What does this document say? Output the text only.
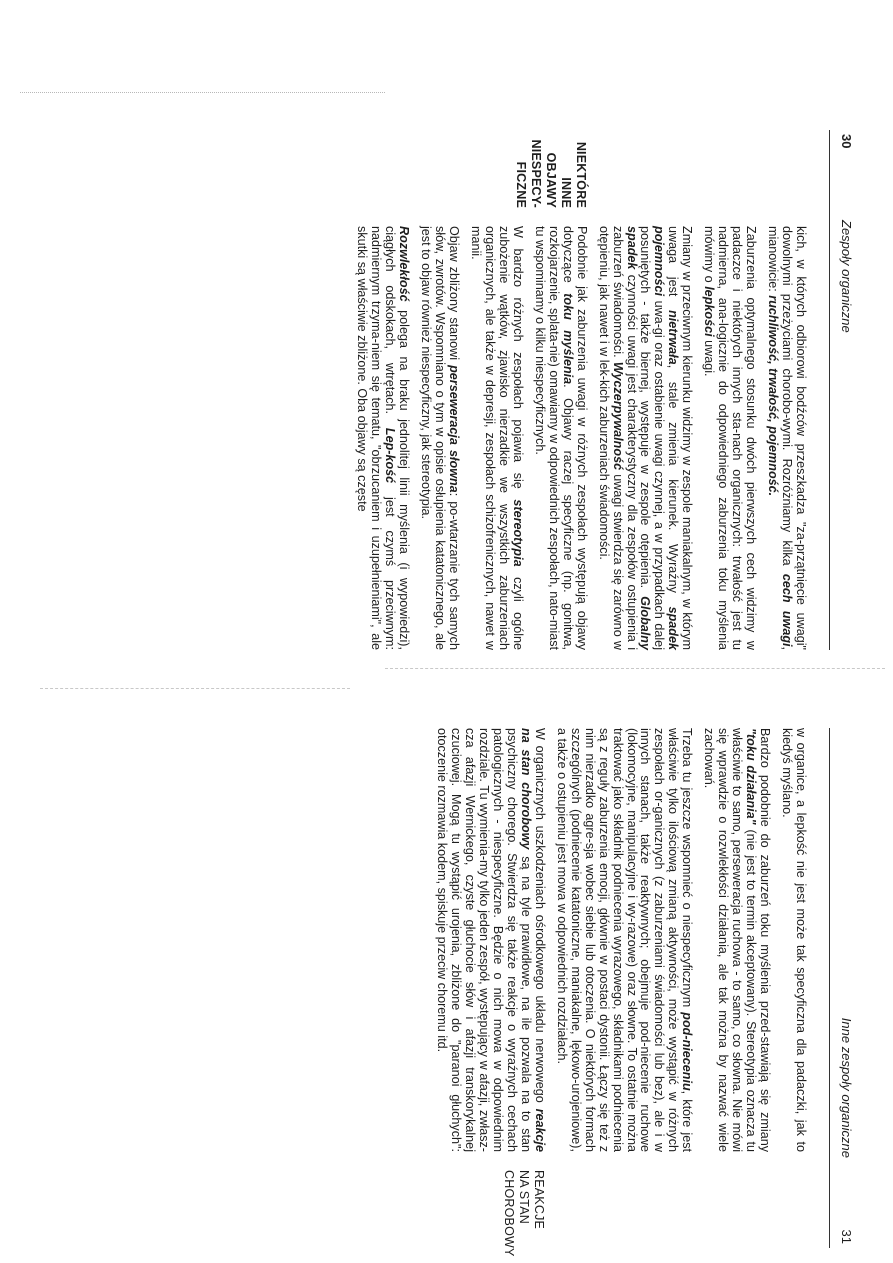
30
Zespoły organiczne
NIEKTÓRE INNE OBJAWY NIESPECY-FICZNE

kich, w których odbiorowi bodźców przeszkadza "za-przątnięcie uwagi" dowolnymi przeżyciami chorobo-wymi. Rozróżniamy kilka cech uwagi, mianowicie: ruchliwość, trwałość, pojemność.

Zaburzenia optymalnego stosunku dwóch pierwszych cech widzimy w padaczce i niektórych innych sta-nach organicznych: trwałość jest tu nadmierna, ana-logicznie do odpowiedniego zaburzenia toku myślenia mówimy o lepkości uwagi.

Zmiany w przeciwnym kierunku widzimy w zespole maniakalnym, w którym uwaga jest nietrwała, stale zmienia kierunek. Wyraźny spadek pojemności uwa-gi oraz ostabienie uwagi czynnej, a w przypadkach dalej posuniętych - także biernej, występuje w zespole otępienia. Globalny spadek czynności uwagi jest charakterystyczny dla zespołów ostupienia i zaburzeń świadomości. Wyczerpywalność uwagi stwierdza się zarówno w otępieniu, jak nawet i w lek-kich zaburzeniach świadomości.

Podobnie jak zaburzenia uwagi w różnych zespołach występują objawy dotyczące toku myślenia. Objawy raczej specyficzne (np. gonitwa, rozkojarzenie, splata-nie) omawiamy w odpowiednich zespołach, nato-miast tu wspominamy o kilku niespecyficznych.

W bardzo różnych zespołach pojawia się stereotypia czyli ogólne zubożenie wątków, zjawisko nierzadkie we wszystkich zaburzeniach organicznych, ale także w depresji, zespołach schizofrenicznych, nawet w manii.

Objaw zbliżony stanowi perseweracja słowna: po-wtarzanie tych samych słów, zwrotów. Wspomniano o tym w opisie osłupienia katatonicznego, ale jest to objaw również niespecyficzny, jak stereotypia.

Rozwlekłość polega na braku jednolitej linii myślenia (i wypowiedzi), ciągłych odskokach, wtrętach. Lep-kość jest czymś przeciwnym: nadmiernym trzyma-niem się tematu, "obrzucaniem i uzupełnieniami", ale skutki są właściwie zbliżone. Oba objawy są częste

Inne zespoły organiczne
31
REAKCJE NA STAN CHOROBOWY

w organice, a lepkość nie jest może tak specyficzna dla padaczki, jak to kiedyś myślano.

Bardzo podobnie do zaburzeń toku myślenia przed-stawiają się zmiany "toku działania" (nie jest to termin akceptowany). Stereotypia oznacza tu właściwie to samo, perseweracja ruchowa - to samo, co słowna. Nie mówi się wprawdzie o rozwlekłości działania, ale tak można by nazwać wiele zachowań.

Trzeba tu jeszcze wspomnieć o niespecyficznym pod-nieceniu, które jest właściwie tylko ilościową zmianą aktywności, może wystąpić w różnych zespołach or-ganicznych (z zaburzeniami świadomości lub bez), ale i w innych stanach, także reaktywnych; obejmuje pod-niecenie ruchowe (lokomocyjne, manipulacyjne i wy-razowe) oraz słowne. To ostatnie można traktować jako składnik podniecenia wyrazowego, składnikami podniecenia są z reguły zaburzenia emocji, głównie w postaci dystonii. Łączy się też z nim nierzadko agre-sja wobec siebie lub otoczenia. O niektórych formach szczególnych (podniecenie katatoniczne, maniakalne, lękowo-urojeniowe), a także o ostupieniu jest mowa w odpowiednich rozdziałach.

W organicznych uszkodzeniach ośrodkowego układu nerwowego reakcje na stan chorobowy są na tyle prawidłowe, na ile pozwala na to stan psychiczny chorego. Stwierdza się także reakcje o wyraźnych cechach patologicznych - niespecyficzne. Będzie o nich mowa w odpowiednim rozdziale. Tu wymienia-my tylko jeden zespół, występujący w afazji, zwłasz-cza afazji Wernickego, czyste głuchocie słów i afazji transkorykalnej czuciowej. Mogą tu wystąpić urojenia, zbliżone do "paranoi głuchych": otoczenie rozmawia kodem, spiskuje przeciw choremu itd.
